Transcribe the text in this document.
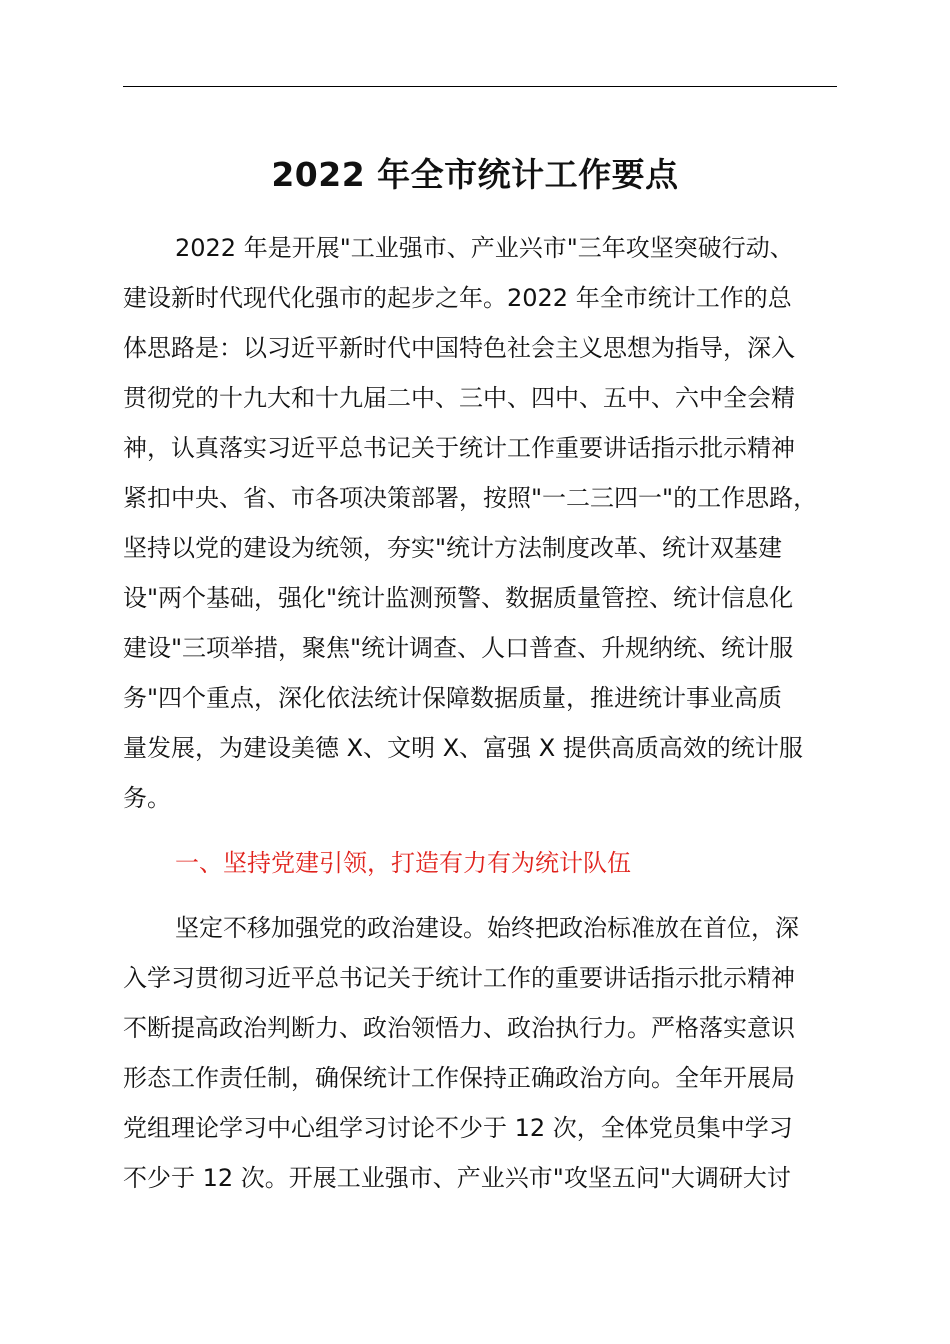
2022 年全市统计工作要点

2022 年是开展"工业强市、产业兴市"三年攻坚突破行动、

建设新时代现代化强市的起步之年。2022 年全市统计工作的总

体思路是：以习近平新时代中国特色社会主义思想为指导，深入

贯彻党的十九大和十九届二中、三中、四中、五中、六中全会精

神，认真落实习近平总书记关于统计工作重要讲话指示批示精神

紧扣中央、省、市各项决策部署，按照"一二三四一"的工作思路，

坚持以党的建设为统领，夯实"统计方法制度改革、统计双基建

设"两个基础，强化"统计监测预警、数据质量管控、统计信息化

建设"三项举措，聚焦"统计调查、人口普查、升规纳统、统计服

务"四个重点，深化依法统计保障数据质量，推进统计事业高质

量发展，为建设美德 X、文明 X、富强 X 提供高质高效的统计服

务。

一、坚持党建引领，打造有力有为统计队伍

坚定不移加强党的政治建设。始终把政治标准放在首位，深

入学习贯彻习近平总书记关于统计工作的重要讲话指示批示精神

不断提高政治判断力、政治领悟力、政治执行力。严格落实意识

形态工作责任制，确保统计工作保持正确政治方向。全年开展局

党组理论学习中心组学习讨论不少于 12 次，全体党员集中学习

不少于 12 次。开展工业强市、产业兴市"攻坚五问"大调研大讨
